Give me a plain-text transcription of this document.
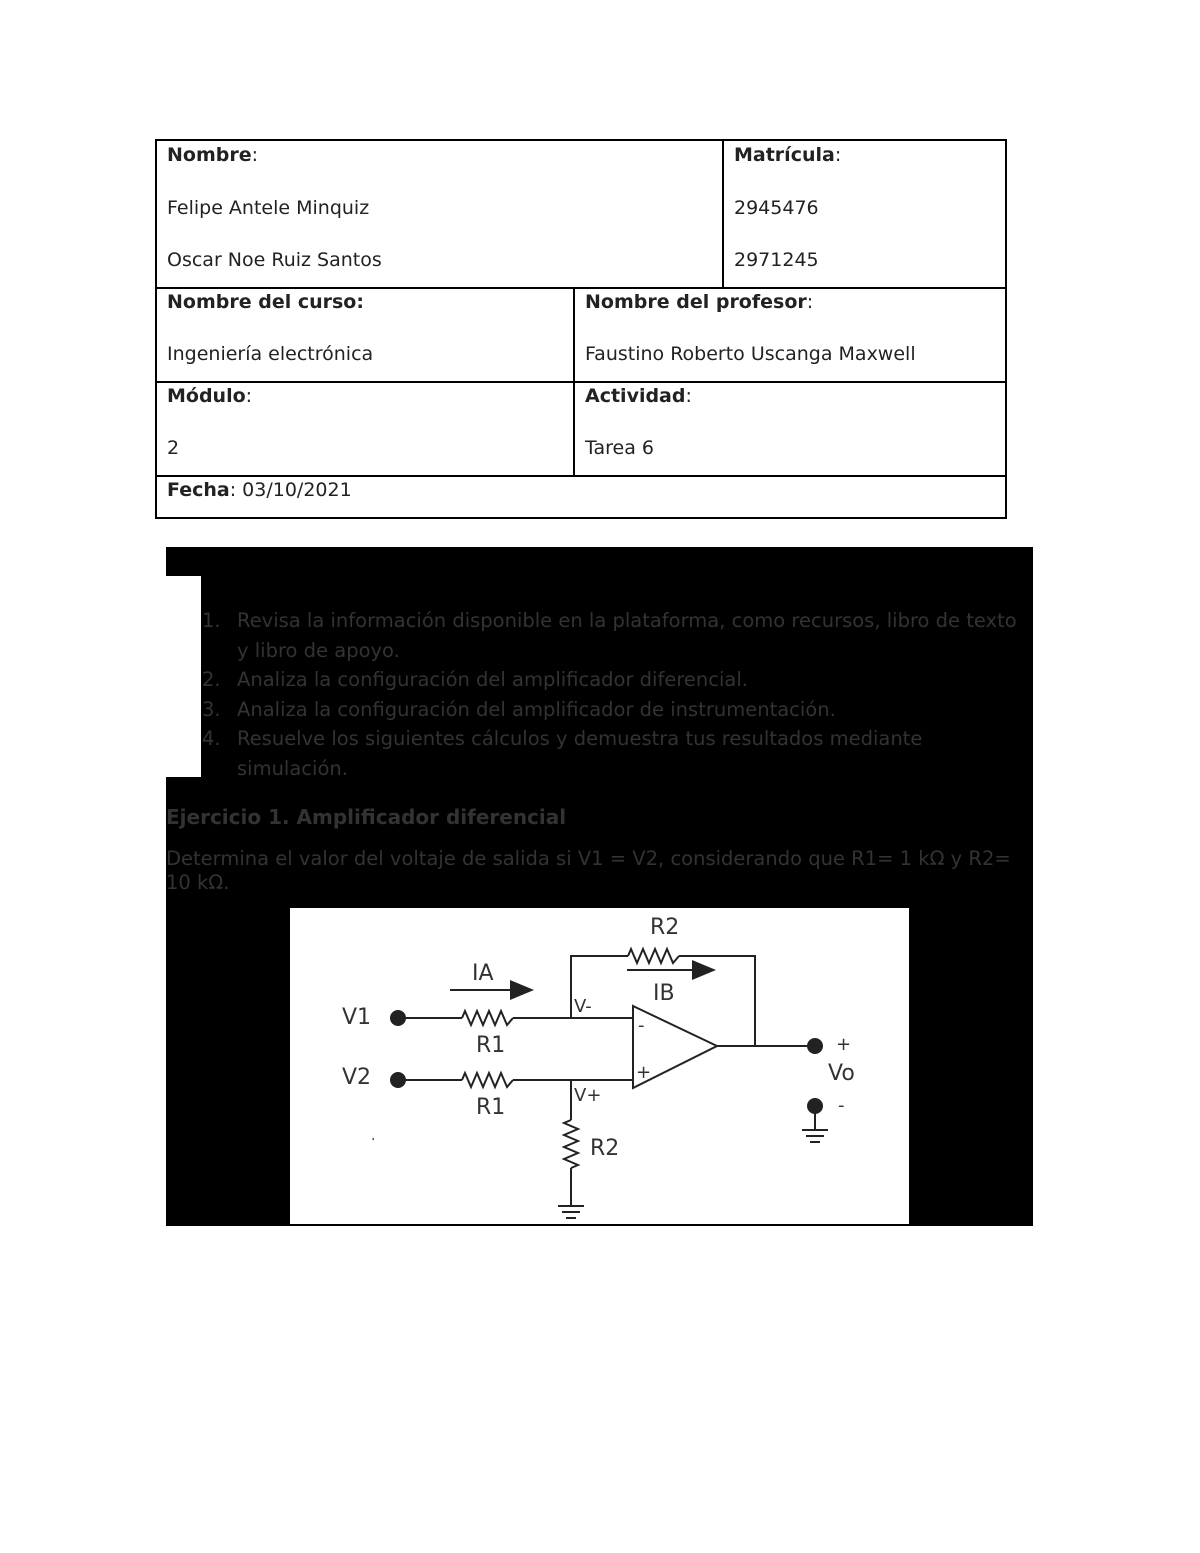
Nombre:
Felipe Antele Minquiz
Oscar Noe Ruiz Santos
Matrícula:
2945476
2971245
Nombre del curso:
Ingeniería electrónica
Nombre del profesor:
Faustino Roberto Uscanga Maxwell
Módulo:
2
Actividad:
Tarea 6
Fecha: 03/10/2021
1. Revisa la información disponible en la plataforma, como recursos, libro de texto y libro de apoyo.
2. Analiza la configuración del amplificador diferencial.
3. Analiza la configuración del amplificador de instrumentación.
4. Resuelve los siguientes cálculos y demuestra tus resultados mediante simulación.
Ejercicio 1. Amplificador diferencial
Determina el valor del voltaje de salida si V1 = V2, considerando que R1= 1 kΩ y R2= 10 kΩ.
R2
IA
IB
V1
V2
R1
R1
V-
V+
R2
-
+
+
Vo
-
.
